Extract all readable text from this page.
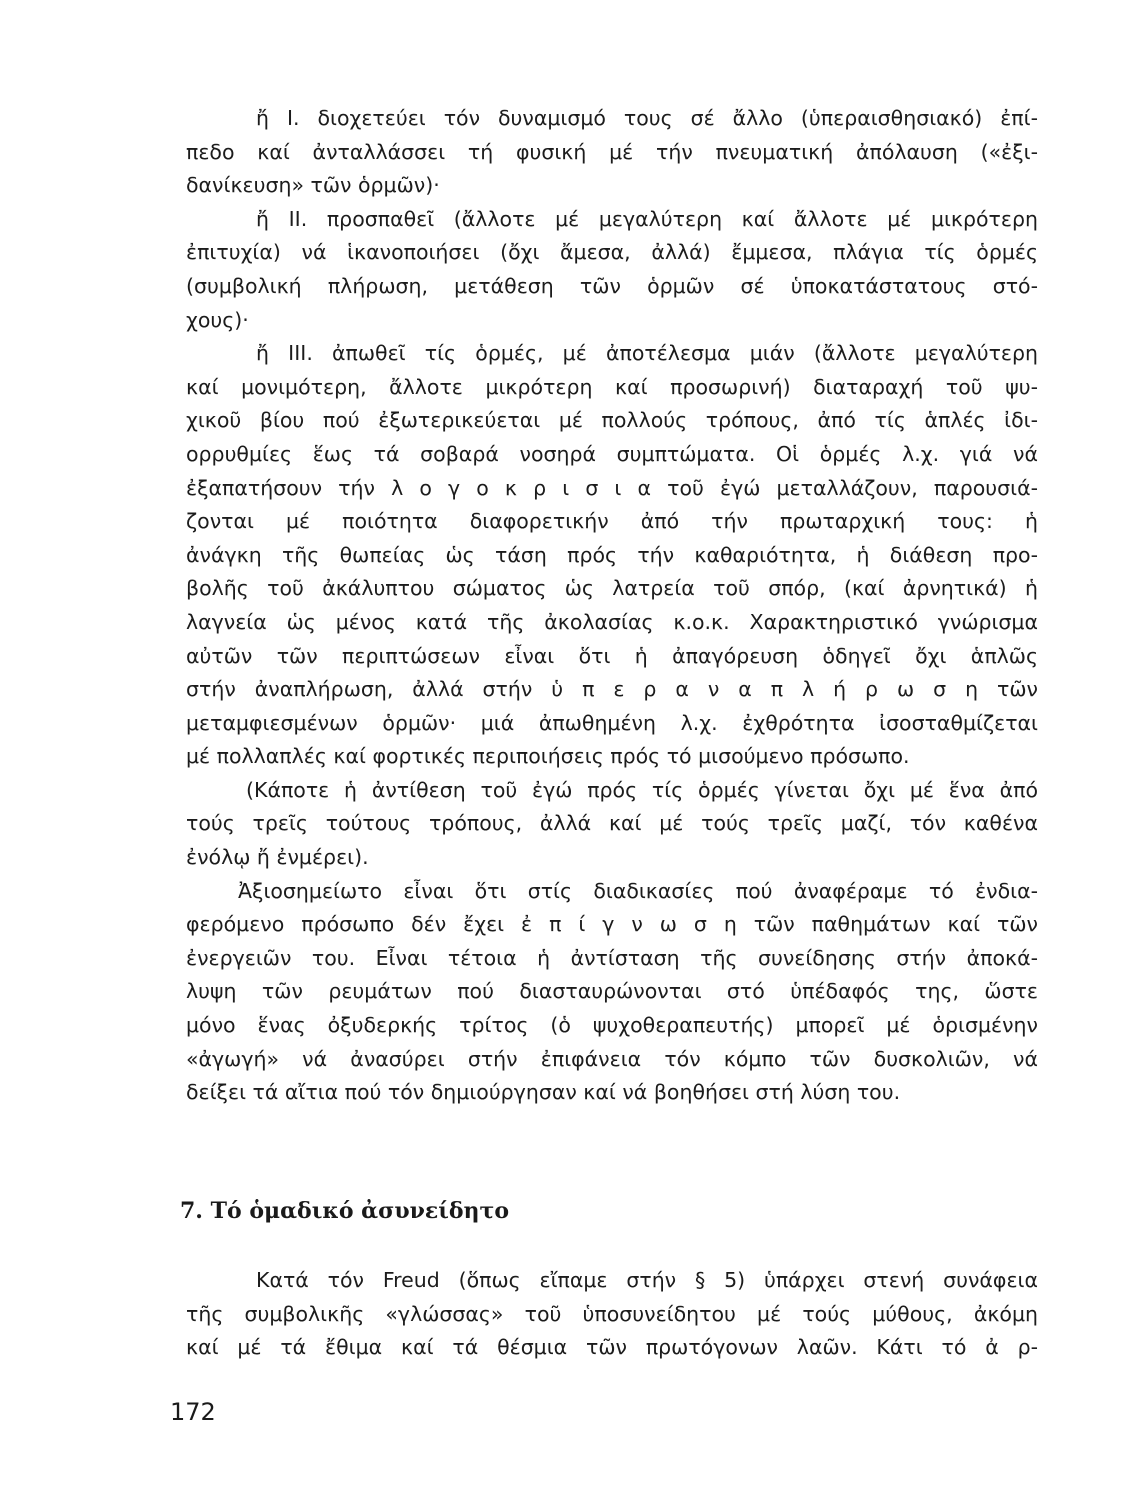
ἤ Ι. διοχετεύει τόν δυναμισμό τους σέ ἄλλο (ὑπεραισθησιακό) ἐπί-
πεδο καί ἀνταλλάσσει τή φυσική μέ τήν πνευματική ἀπόλαυση («ἐξι-
δανίκευση» τῶν ὁρμῶν)·
ἤ ΙΙ. προσπαθεῖ (ἄλλοτε μέ μεγαλύτερη καί ἄλλοτε μέ μικρότερη
ἐπιτυχία) νά ἱκανοποιήσει (ὄχι ἄμεσα, ἀλλά) ἔμμεσα, πλάγια τίς ὁρμές
(συμβολική πλήρωση, μετάθεση τῶν ὁρμῶν σέ ὑποκατάστατους στό-
χους)·
ἤ ΙΙΙ. ἀπωθεῖ τίς ὁρμές, μέ ἀποτέλεσμα μιάν (ἄλλοτε μεγαλύτερη
καί μονιμότερη, ἄλλοτε μικρότερη καί προσωρινή) διαταραχή τοῦ ψυ-
χικοῦ βίου πού ἐξωτερικεύεται μέ πολλούς τρόπους, ἀπό τίς ἁπλές ἰδι-
ορρυθμίες ἕως τά σοβαρά νοσηρά συμπτώματα. Οἱ ὁρμές λ.χ. γιά νά
ἐξαπατήσουν τήν λ ο γ ο κ ρ ι σ ι α τοῦ ἐγώ μεταλλάζουν, παρουσιά-
ζονται μέ ποιότητα διαφορετικήν ἀπό τήν πρωταρχική τους: ἡ
ἀνάγκη τῆς θωπείας ὡς τάση πρός τήν καθαριότητα, ἡ διάθεση προ-
βολῆς τοῦ ἀκάλυπτου σώματος ὡς λατρεία τοῦ σπόρ, (καί ἀρνητικά) ἡ
λαγνεία ὡς μένος κατά τῆς ἀκολασίας κ.ο.κ. Χαρακτηριστικό γνώρισμα
αὐτῶν τῶν περιπτώσεων εἶναι ὅτι ἡ ἀπαγόρευση ὁδηγεῖ ὄχι ἁπλῶς
στήν ἀναπλήρωση, ἀλλά στήν ὑ π ε ρ α ν α π λ ή ρ ω σ η τῶν
μεταμφιεσμένων ὁρμῶν· μιά ἀπωθημένη λ.χ. ἐχθρότητα ἰσοσταθμίζεται
μέ πολλαπλές καί φορτικές περιποιήσεις πρός τό μισούμενο πρόσωπο.
(Κάποτε ἡ ἀντίθεση τοῦ ἐγώ πρός τίς ὁρμές γίνεται ὄχι μέ ἕνα ἀπό
τούς τρεῖς τούτους τρόπους, ἀλλά καί μέ τούς τρεῖς μαζί, τόν καθένα
ἐνόλῳ ἤ ἐνμέρει).
Ἀξιοσημείωτο εἶναι ὅτι στίς διαδικασίες πού ἀναφέραμε τό ἐνδια-
φερόμενο πρόσωπο δέν ἔχει ἐ π ί γ ν ω σ η τῶν παθημάτων καί τῶν
ἐνεργειῶν του. Εἶναι τέτοια ἡ ἀντίσταση τῆς συνείδησης στήν ἀποκά-
λυψη τῶν ρευμάτων πού διασταυρώνονται στό ὑπέδαφός της, ὥστε
μόνο ἕνας ὀξυδερκής τρίτος (ὁ ψυχοθεραπευτής) μπορεῖ μέ ὁρισμένην
«ἀγωγή» νά ἀνασύρει στήν ἐπιφάνεια τόν κόμπο τῶν δυσκολιῶν, νά
δείξει τά αἴτια πού τόν δημιούργησαν καί νά βοηθήσει στή λύση του.
7. Τό ὁμαδικό ἀσυνείδητο
Κατά τόν Freud (ὅπως εἴπαμε στήν § 5) ὑπάρχει στενή συνάφεια
τῆς συμβολικῆς «γλώσσας» τοῦ ὑποσυνείδητου μέ τούς μύθους, ἀκόμη
καί μέ τά ἔθιμα καί τά θέσμια τῶν πρωτόγονων λαῶν. Κάτι τό ἀ ρ-
172
